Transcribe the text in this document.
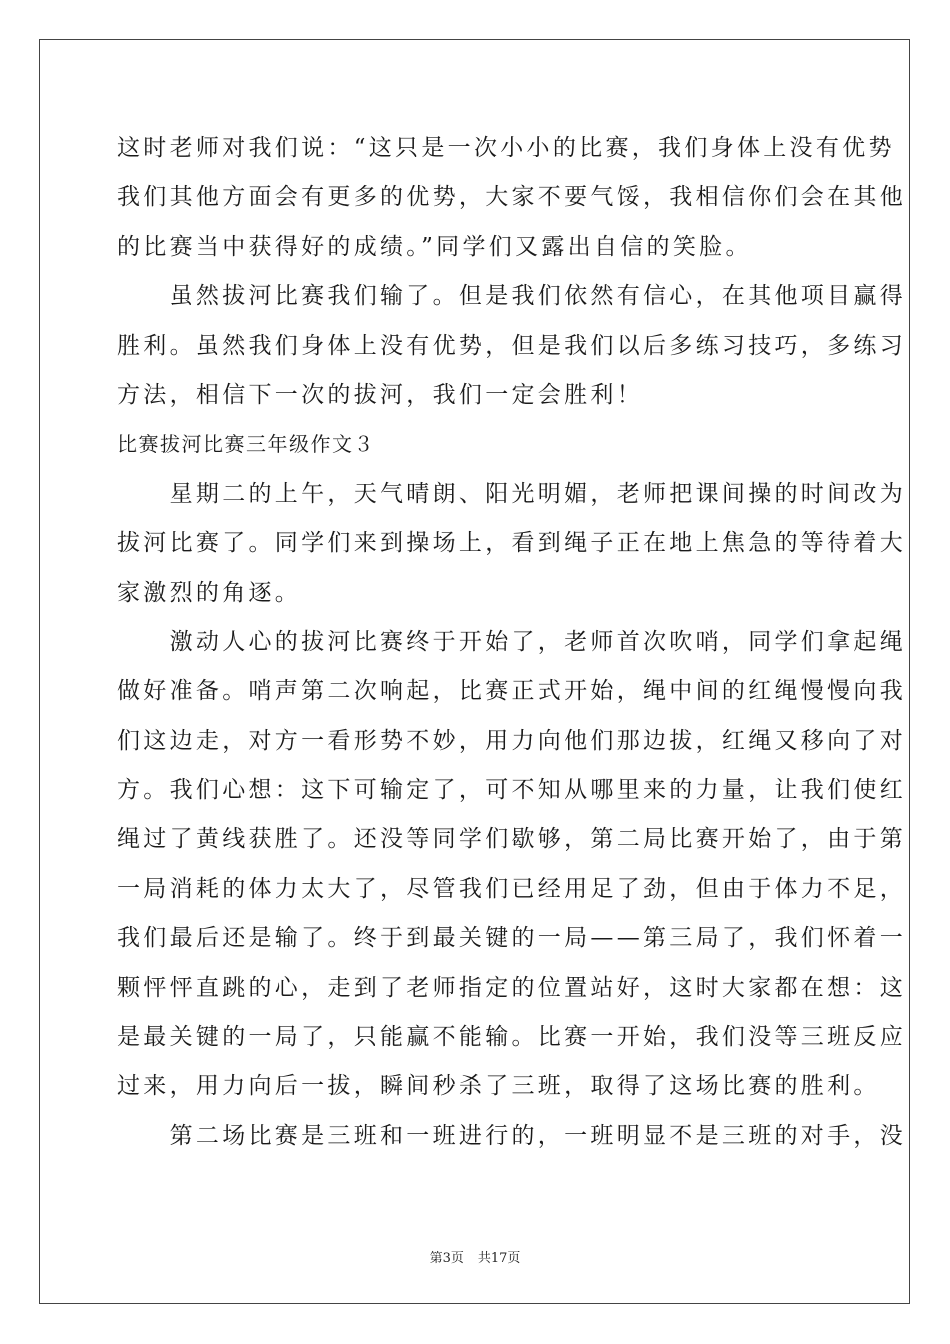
这时老师对我们说：“这只是一次小小的比赛，我们身体上没有优势
我们其他方面会有更多的优势，大家不要气馁，我相信你们会在其他
的比赛当中获得好的成绩。”同学们又露出自信的笑脸。
　　虽然拔河比赛我们输了。但是我们依然有信心，在其他项目赢得
胜利。虽然我们身体上没有优势，但是我们以后多练习技巧，多练习
方法，相信下一次的拔河，我们一定会胜利！
比赛拔河比赛三年级作文３
　　星期二的上午，天气晴朗、阳光明媚，老师把课间操的时间改为
拔河比赛了。同学们来到操场上，看到绳子正在地上焦急的等待着大
家激烈的角逐。
　　激动人心的拔河比赛终于开始了，老师首次吹哨，同学们拿起绳
做好准备。哨声第二次响起，比赛正式开始，绳中间的红绳慢慢向我
们这边走，对方一看形势不妙，用力向他们那边拔，红绳又移向了对
方。我们心想：这下可输定了，可不知从哪里来的力量，让我们使红
绳过了黄线获胜了。还没等同学们歇够，第二局比赛开始了，由于第
一局消耗的体力太大了，尽管我们已经用足了劲，但由于体力不足，
我们最后还是输了。终于到最关键的一局——第三局了，我们怀着一
颗怦怦直跳的心，走到了老师指定的位置站好，这时大家都在想：这
是最关键的一局了，只能赢不能输。比赛一开始，我们没等三班反应
过来，用力向后一拔，瞬间秒杀了三班，取得了这场比赛的胜利。
　　第二场比赛是三班和一班进行的，一班明显不是三班的对手，没
第3页 共17页
